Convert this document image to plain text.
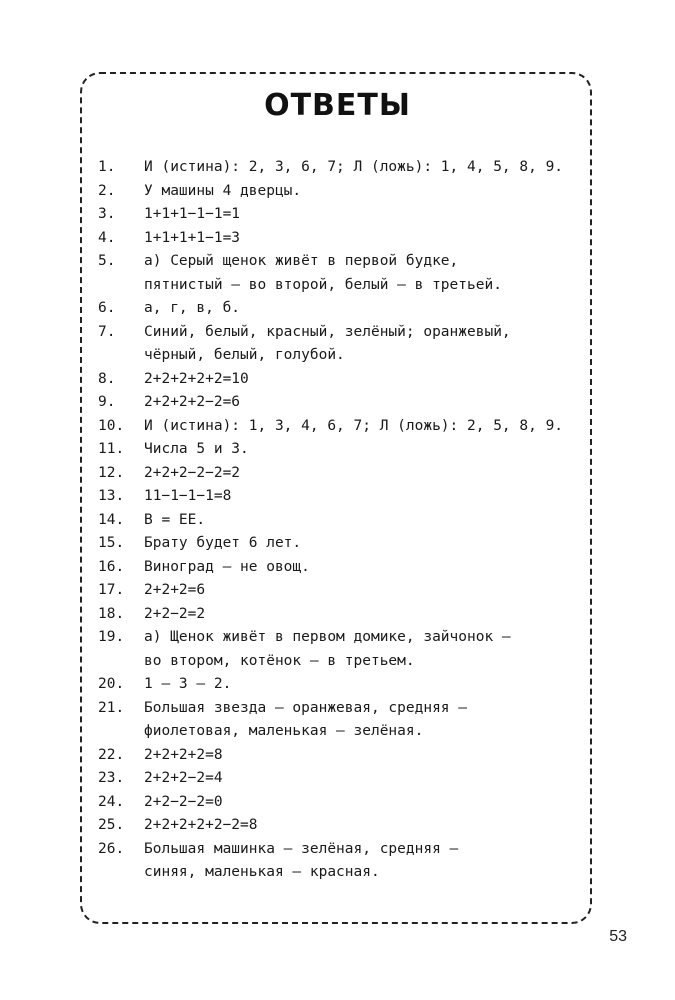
ОТВЕТЫ
1.	И (истина): 2, 3, 6, 7; Л (ложь): 1, 4, 5, 8, 9.
2.	У машины 4 дверцы.
3.	1+1+1−1−1=1
4.	1+1+1+1−1=3
5.	а) Серый щенок живёт в первой будке,
пятнистый — во второй, белый — в третьей.
6.	а, г, в, б.
7.	Синий, белый, красный, зелёный; оранжевый,
чёрный, белый, голубой.
8.	2+2+2+2+2=10
9.	2+2+2+2−2=6
10.	И (истина): 1, 3, 4, 6, 7; Л (ложь): 2, 5, 8, 9.
11.	Числа 5 и 3.
12.	2+2+2−2−2=2
13.	11−1−1−1=8
14.	В = ЕЕ.
15.	Брату будет 6 лет.
16.	Виноград — не овощ.
17.	2+2+2=6
18.	2+2−2=2
19.	а) Щенок живёт в первом домике, зайчонок —
во втором, котёнок — в третьем.
20.	1 — 3 — 2.
21.	Большая звезда — оранжевая, средняя —
фиолетовая, маленькая — зелёная.
22.	2+2+2+2=8
23.	2+2+2−2=4
24.	2+2−2−2=0
25.	2+2+2+2+2−2=8
26.	Большая машинка — зелёная, средняя —
синяя, маленькая — красная.
53
